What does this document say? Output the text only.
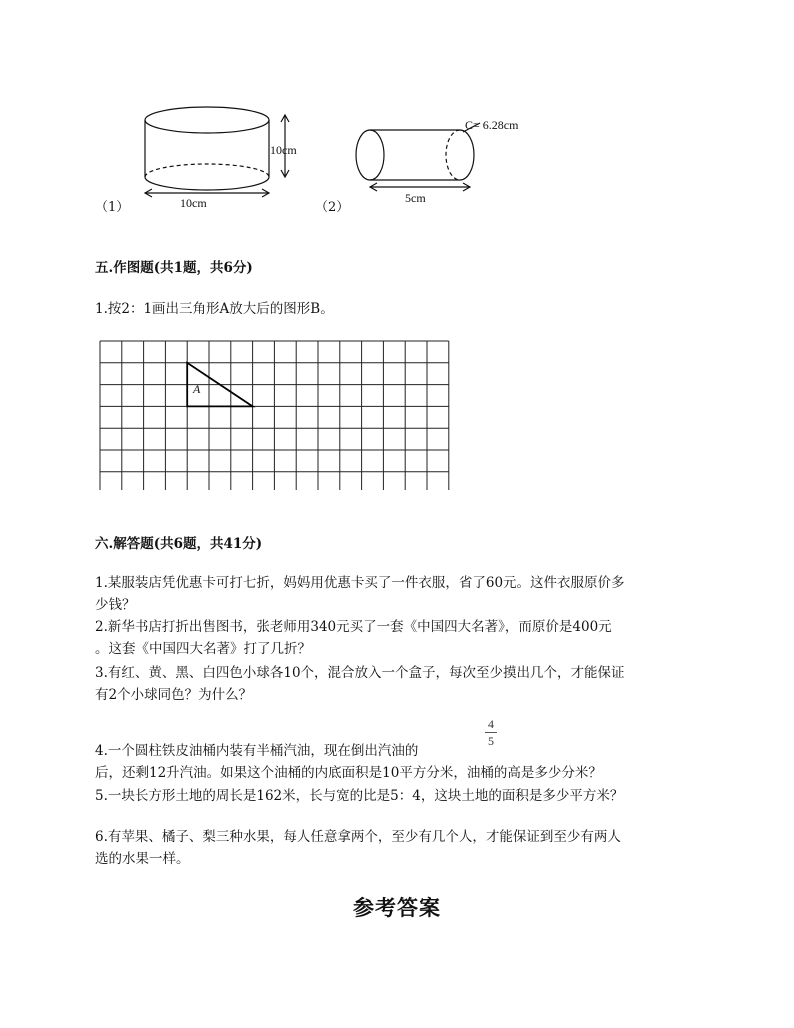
（1）
10cm
10cm	（2）
C= 6.28cm
5cm
五.作图题(共1题，共6分)
1.按2：1画出三角形A放大后的图形B。
A
六.解答题(共6题，共41分)
1.某服装店凭优惠卡可打七折，妈妈用优惠卡买了一件衣服，省了60元。这件衣服原价多
少钱？
2.新华书店打折出售图书，张老师用340元买了一套《中国四大名著》，而原价是400元
。这套《中国四大名著》打了几折？
3.有红、黄、黑、白四色小球各10个，混合放入一个盒子，每次至少摸出几个，才能保证
有2个小球同色？为什么？
4.一个圆柱铁皮油桶内装有半桶汽油，现在倒出汽油的
4
5
后，还剩12升汽油。如果这个油桶的内底面积是10平方分米，油桶的高是多少分米？
5.一块长方形土地的周长是162米，长与宽的比是5：4，这块土地的面积是多少平方米？
6.有苹果、橘子、梨三种水果，每人任意拿两个，至少有几个人，才能保证到至少有两人
选的水果一样。
参考答案
